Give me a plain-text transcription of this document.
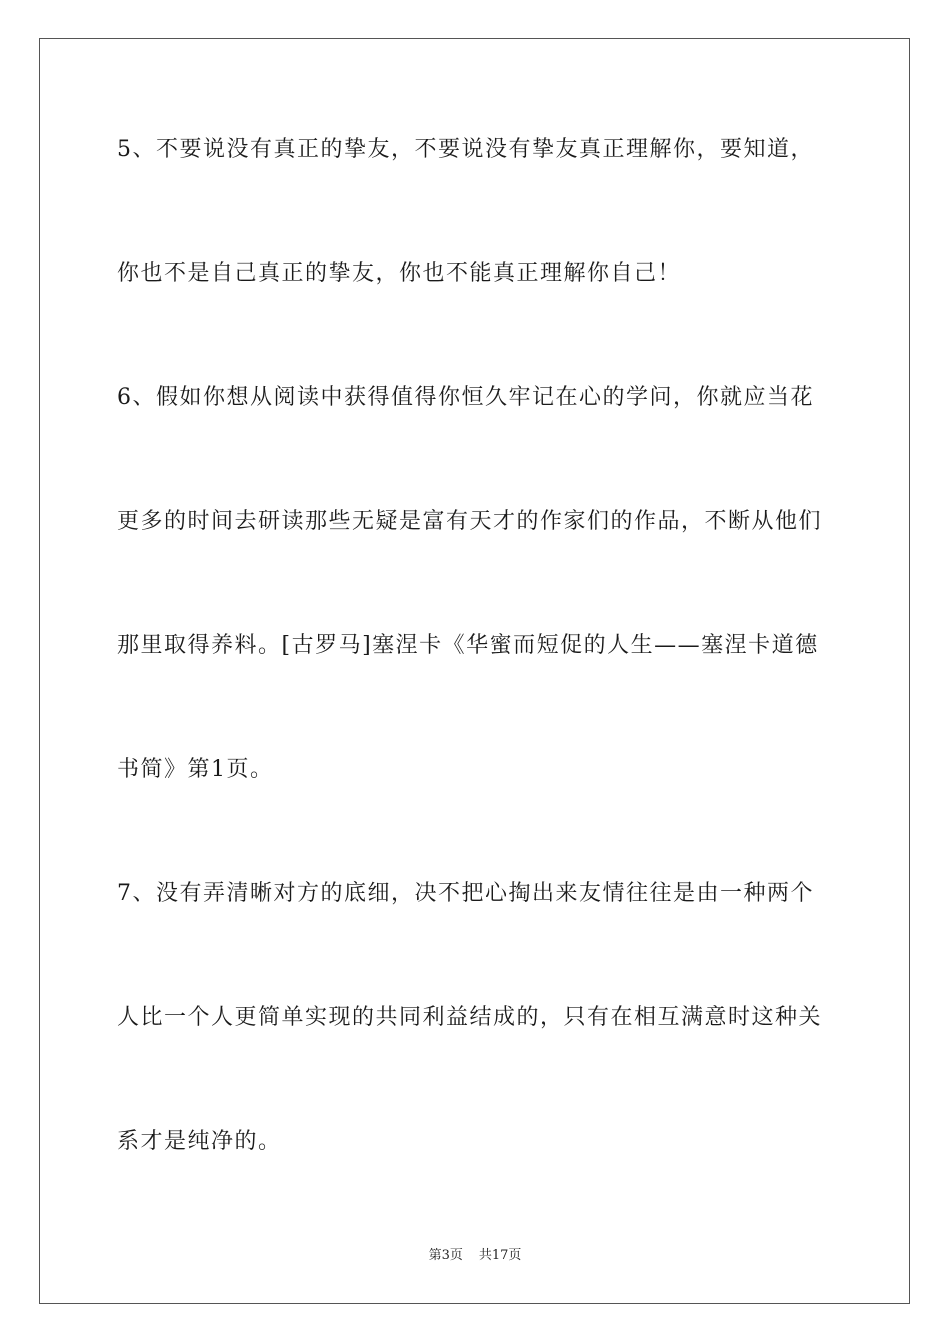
5、不要说没有真正的挚友，不要说没有挚友真正理解你，要知道，
你也不是自己真正的挚友，你也不能真正理解你自己！
6、假如你想从阅读中获得值得你恒久牢记在心的学问，你就应当花
更多的时间去研读那些无疑是富有天才的作家们的作品，不断从他们
那里取得养料。[古罗马]塞涅卡《华蜜而短促的人生——塞涅卡道德
书简》第1页。
7、没有弄清晰对方的底细，决不把心掏出来友情往往是由一种两个
人比一个人更简单实现的共同利益结成的，只有在相互满意时这种关
系才是纯净的。
第3页 共17页
